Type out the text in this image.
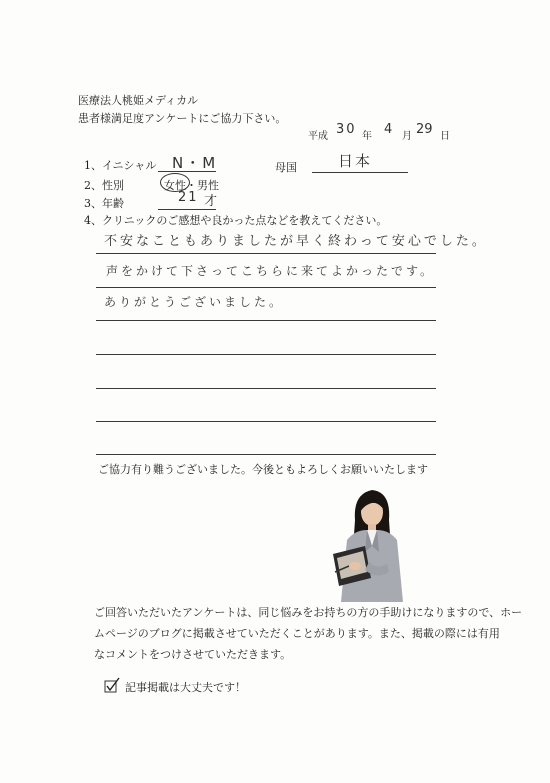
医療法人桃姫メディカル
患者様満足度アンケートにご協力下さい。
平成 30 年 4 月 29 日
1、イニシャル N・M	母国	日本
2、性別	女性・男性
3、年齢	21 才
4、クリニックのご感想や良かった点などを教えてください。
不安なこともありましたが早く終わって安心でした。
声をかけて下さってこちらに来てよかったです。
ありがとうございました。
ご協力有り難うございました。今後ともよろしくお願いいたします
ご回答いただいたアンケートは、同じ悩みをお持ちの方の手助けになりますので、ホー
ムページのブログに掲載させていただくことがあります。また、掲載の際には有用
なコメントをつけさせていただきます。
記事掲載は大丈夫です！
